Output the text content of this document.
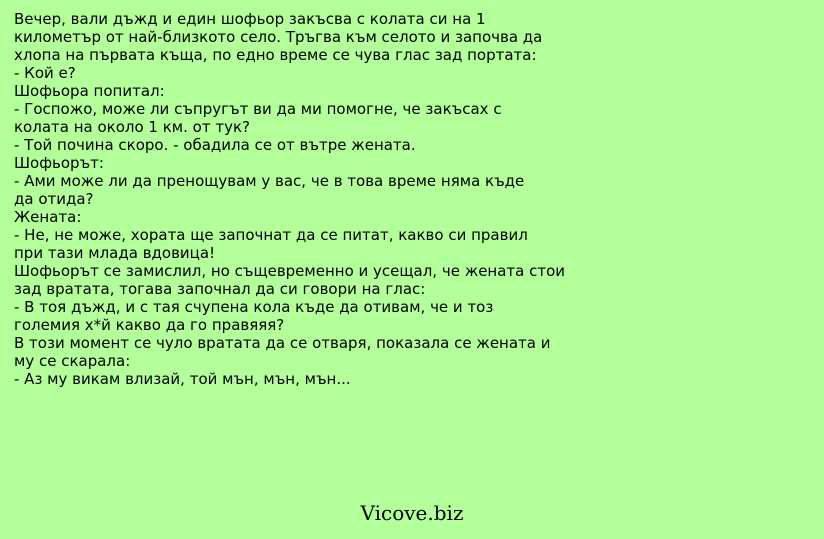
Вечер, вали дъжд и един шофьор закъсва с колата си на 1
километър от най-близкото село. Тръгва към селото и започва да
хлопа на първата къща, по едно време се чува глас зад портата:
- Кой е?
Шофьора попитал:
- Госпожо, може ли съпругът ви да ми помогне, че закъсах с
колата на около 1 км. от тук?
- Той почина скоро. - обадила се от вътре жената.
Шофьорът:
- Ами може ли да пренощувам у вас, че в това време няма къде
да отида?
Жената:
- Не, не може, хората ще започнат да се питат, какво си правил
при тази млада вдовица!
Шофьорът се замислил, но същевременно и усещал, че жената стои
зад вратата, тогава започнал да си говори на глас:
- В тоя дъжд, и с тая счупена кола къде да отивам, че и тоз
големия х*й какво да го правяяя?
В този момент се чуло вратата да се отваря, показала се жената и
му се скарала:
- Аз му викам влизай, той мън, мън, мън...
Vicove.biz
